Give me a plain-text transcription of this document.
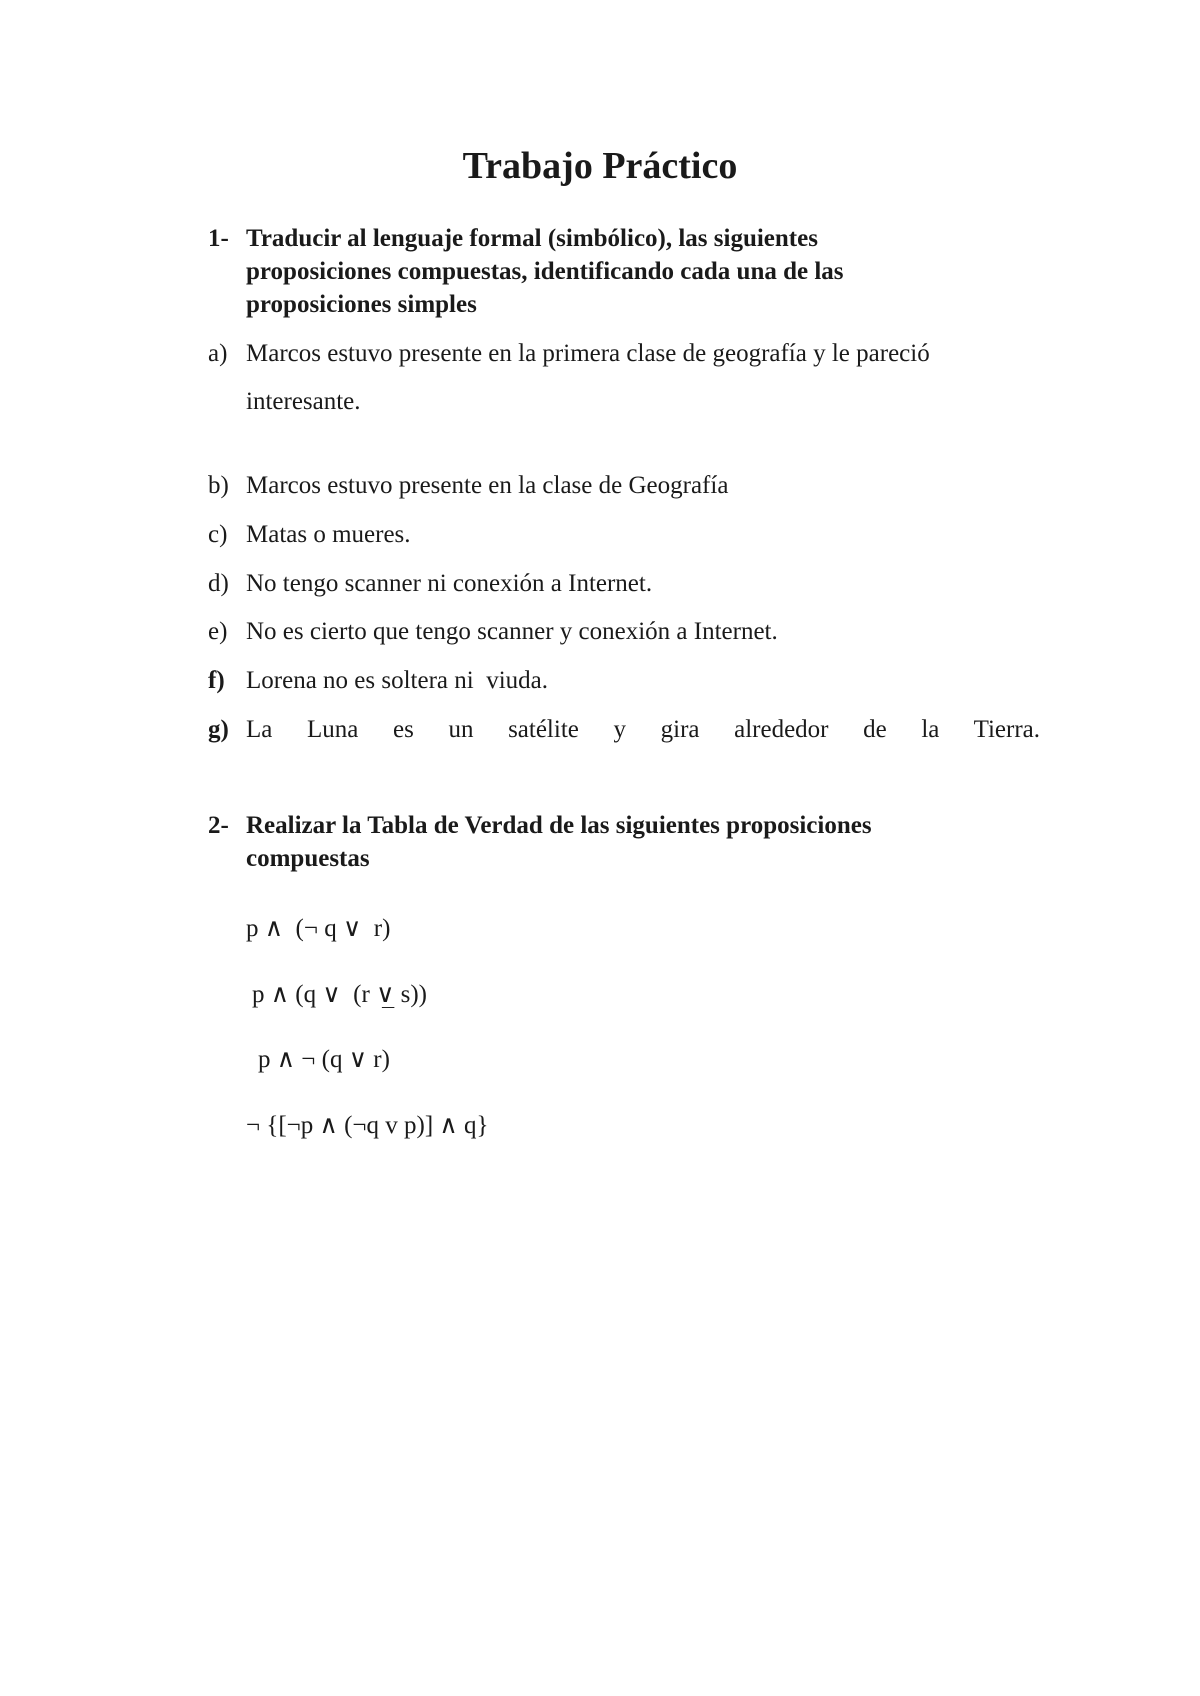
Trabajo Práctico
1- Traducir al lenguaje formal (simbólico), las siguientes
proposiciones compuestas, identificando cada una de las
proposiciones simples
a) Marcos estuvo presente en la primera clase de geografía y le pareció interesante.
b) Marcos estuvo presente en la clase de Geografía
c) Matas o mueres.
d) No tengo scanner ni conexión a Internet.
e) No es cierto que tengo scanner y conexión a Internet.
f) Lorena no es soltera ni  viuda.
g) La Luna es un satélite y gira alrededor de la Tierra.
2- Realizar la Tabla de Verdad de las siguientes proposiciones
compuestas
p ∧  (¬ q ∨  r)
p ∧ (q ∨  (r ∨̲ s))
p ∧ ¬ (q ∨ r)
¬ {[¬p ∧ (¬q v p)] ∧ q}
